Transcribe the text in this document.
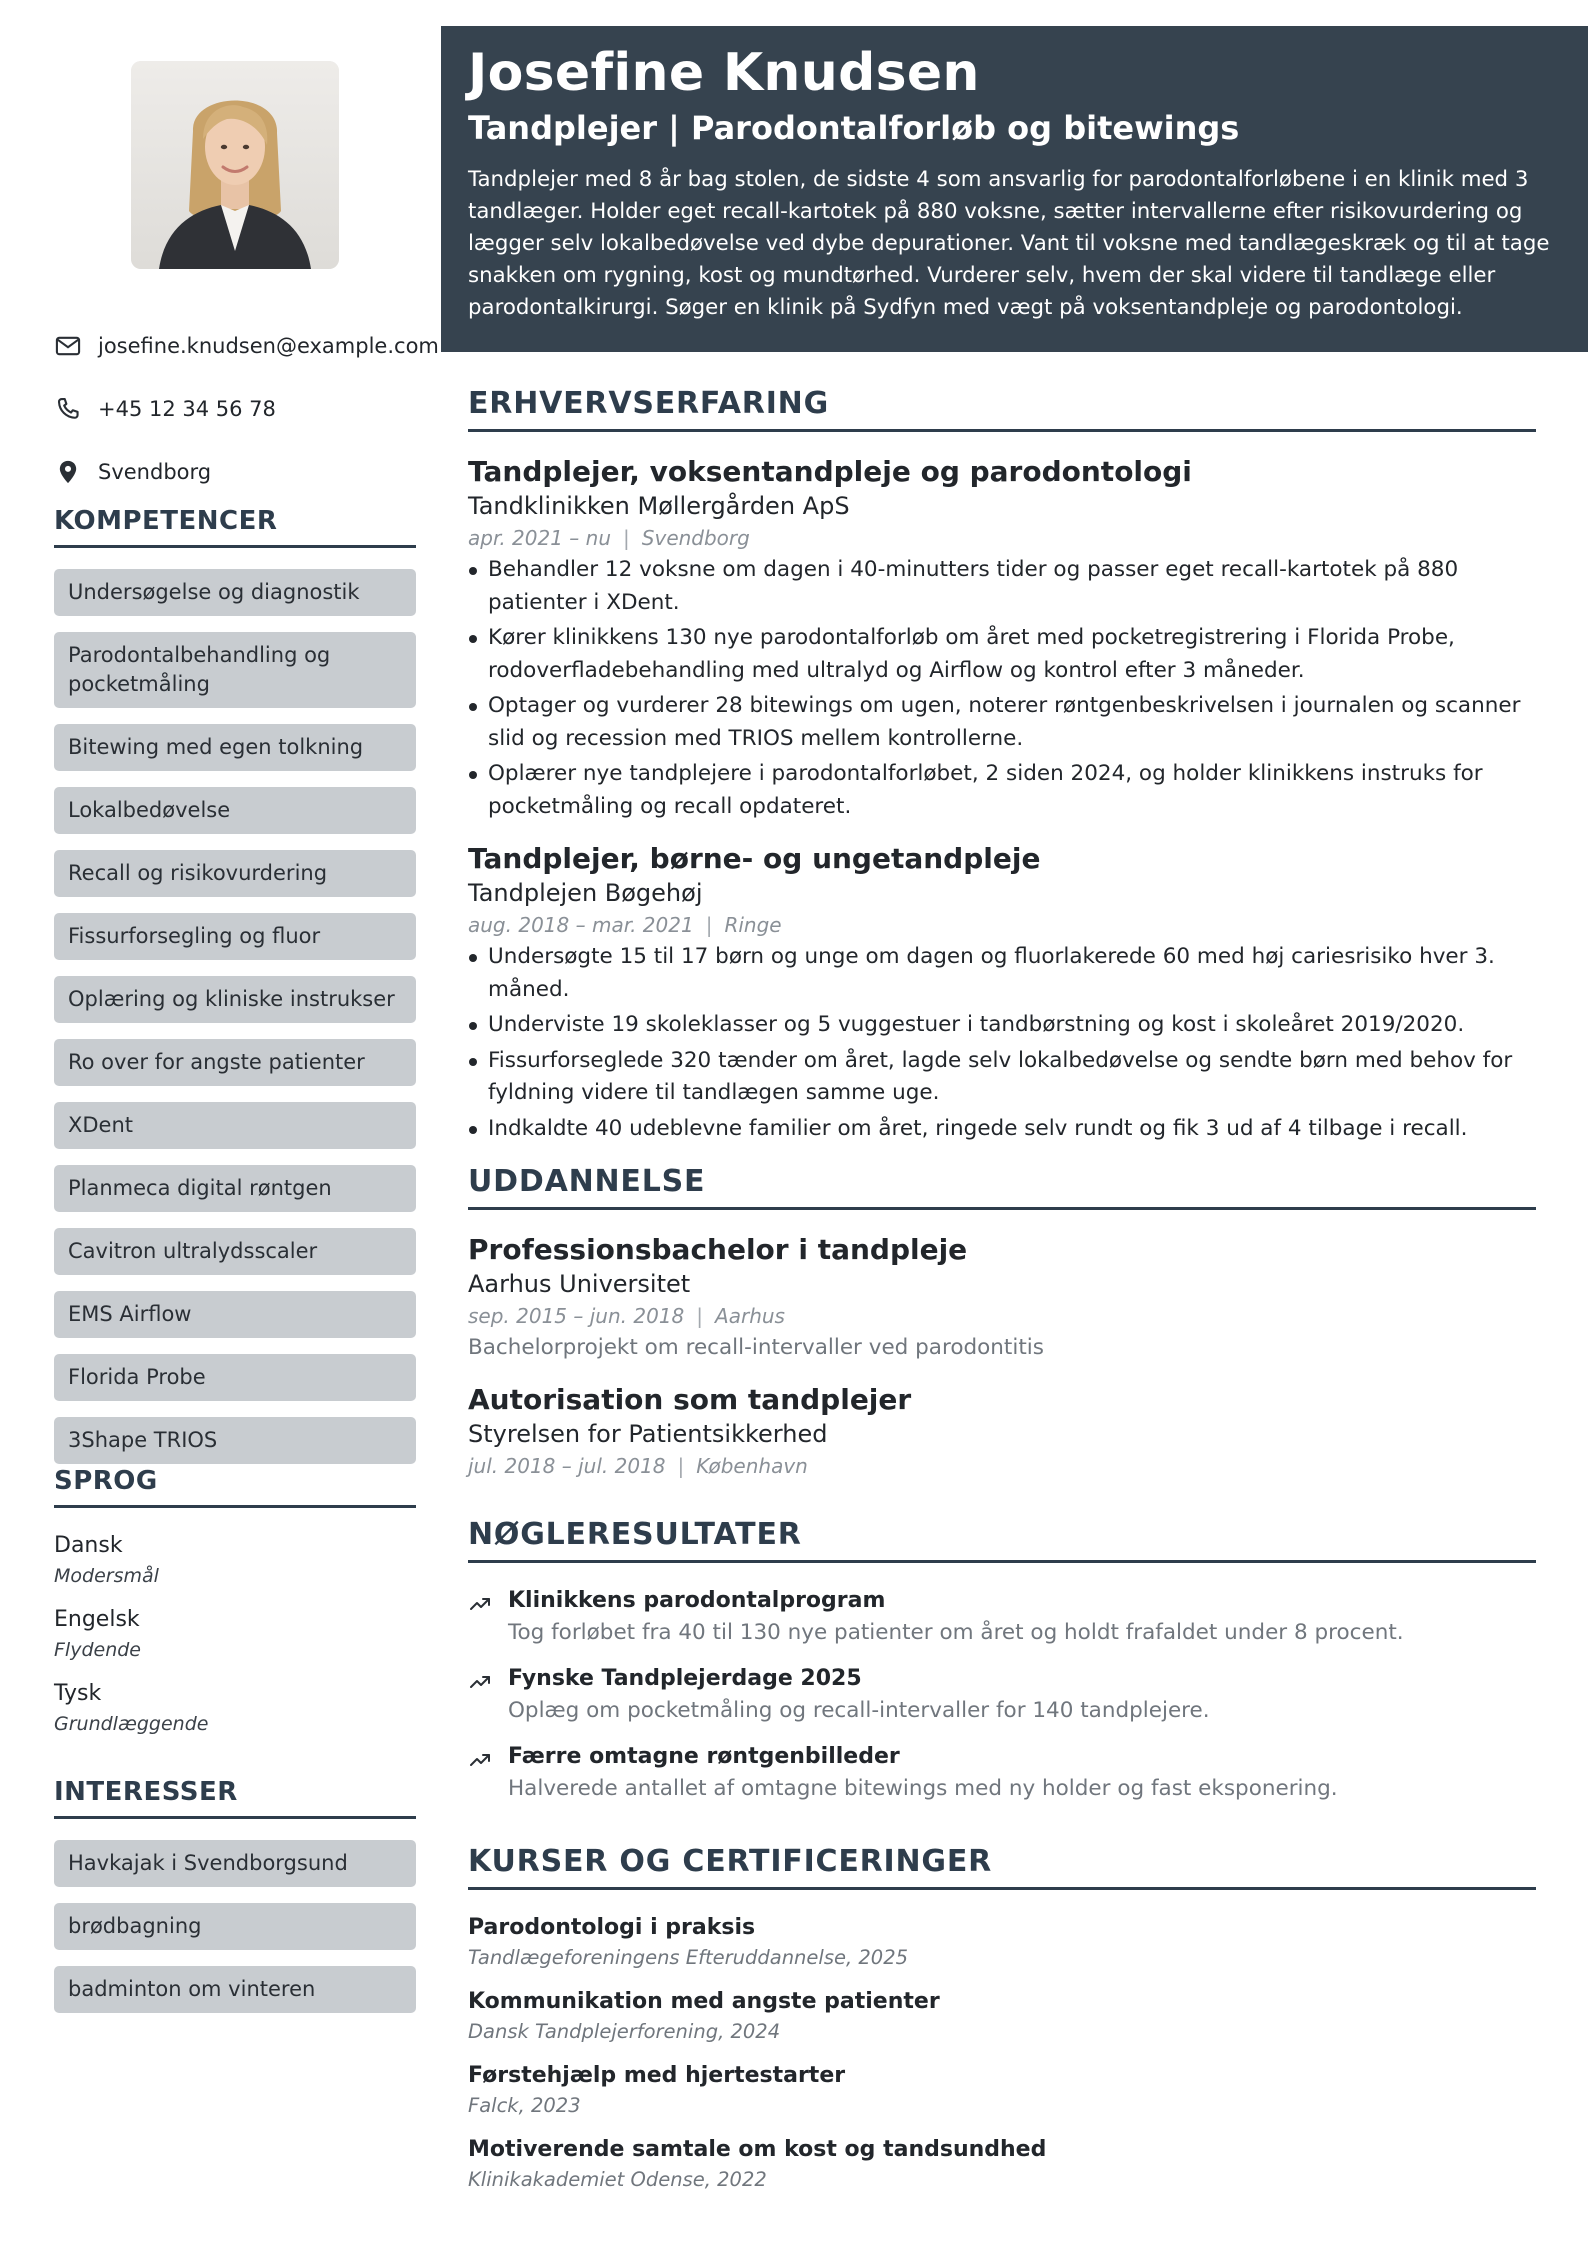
josefine.knudsen@example.com
+45 12 34 56 78
Svendborg
KOMPETENCER
Undersøgelse og diagnostik
Parodontalbehandling og pocketmåling
Bitewing med egen tolkning
Lokalbedøvelse
Recall og risikovurdering
Fissurforsegling og fluor
Oplæring og kliniske instrukser
Ro over for angste patienter
XDent
Planmeca digital røntgen
Cavitron ultralydsscaler
EMS Airflow
Florida Probe
3Shape TRIOS
SPROG
Dansk
Modersmål
Engelsk
Flydende
Tysk
Grundlæggende
INTERESSER
Havkajak i Svendborgsund
brødbagning
badminton om vinteren
Josefine Knudsen
Tandplejer | Parodontalforløb og bitewings

Tandplejer med 8 år bag stolen, de sidste 4 som ansvarlig for parodontalforløbene i en klinik med 3 tandlæger. Holder eget recall-kartotek på 880 voksne, sætter intervallerne efter risikovurdering og lægger selv lokalbedøvelse ved dybe depurationer. Vant til voksne med tandlægeskræk og til at tage snakken om rygning, kost og mundtørhed. Vurderer selv, hvem der skal videre til tandlæge eller parodontalkirurgi. Søger en klinik på Sydfyn med vægt på voksentandpleje og parodontologi.

ERHVERVSERFARING
Tandplejer, voksentandpleje og parodontologi
Tandklinikken Møllergården ApS
apr. 2021 – nu | Svendborg
Behandler 12 voksne om dagen i 40-minutters tider og passer eget recall-kartotek på 880 patienter i XDent.
Kører klinikkens 130 nye parodontalforløb om året med pocketregistrering i Florida Probe, rodoverfladebehandling med ultralyd og Airflow og kontrol efter 3 måneder.
Optager og vurderer 28 bitewings om ugen, noterer røntgenbeskrivelsen i journalen og scanner slid og recession med TRIOS mellem kontrollerne.
Oplærer nye tandplejere i parodontalforløbet, 2 siden 2024, og holder klinikkens instruks for pocketmåling og recall opdateret.
Tandplejer, børne- og ungetandpleje
Tandplejen Bøgehøj
aug. 2018 – mar. 2021 | Ringe
Undersøgte 15 til 17 børn og unge om dagen og fluorlakerede 60 med høj cariesrisiko hver 3. måned.
Underviste 19 skoleklasser og 5 vuggestuer i tandbørstning og kost i skoleåret 2019/2020.
Fissurforseglede 320 tænder om året, lagde selv lokalbedøvelse og sendte børn med behov for fyldning videre til tandlægen samme uge.
Indkaldte 40 udeblevne familier om året, ringede selv rundt og fik 3 ud af 4 tilbage i recall.
UDDANNELSE
Professionsbachelor i tandpleje
Aarhus Universitet
sep. 2015 – jun. 2018 | Aarhus
Bachelorprojekt om recall-intervaller ved parodontitis
Autorisation som tandplejer
Styrelsen for Patientsikkerhed
jul. 2018 – jul. 2018 | København
NØGLERESULTATER
Klinikkens parodontalprogram
Tog forløbet fra 40 til 130 nye patienter om året og holdt frafaldet under 8 procent.
Fynske Tandplejerdage 2025
Oplæg om pocketmåling og recall-intervaller for 140 tandplejere.
Færre omtagne røntgenbilleder
Halverede antallet af omtagne bitewings med ny holder og fast eksponering.
KURSER OG CERTIFICERINGER
Parodontologi i praksis
Tandlægeforeningens Efteruddannelse, 2025
Kommunikation med angste patienter
Dansk Tandplejerforening, 2024
Førstehjælp med hjertestarter
Falck, 2023
Motiverende samtale om kost og tandsundhed
Klinikakademiet Odense, 2022
